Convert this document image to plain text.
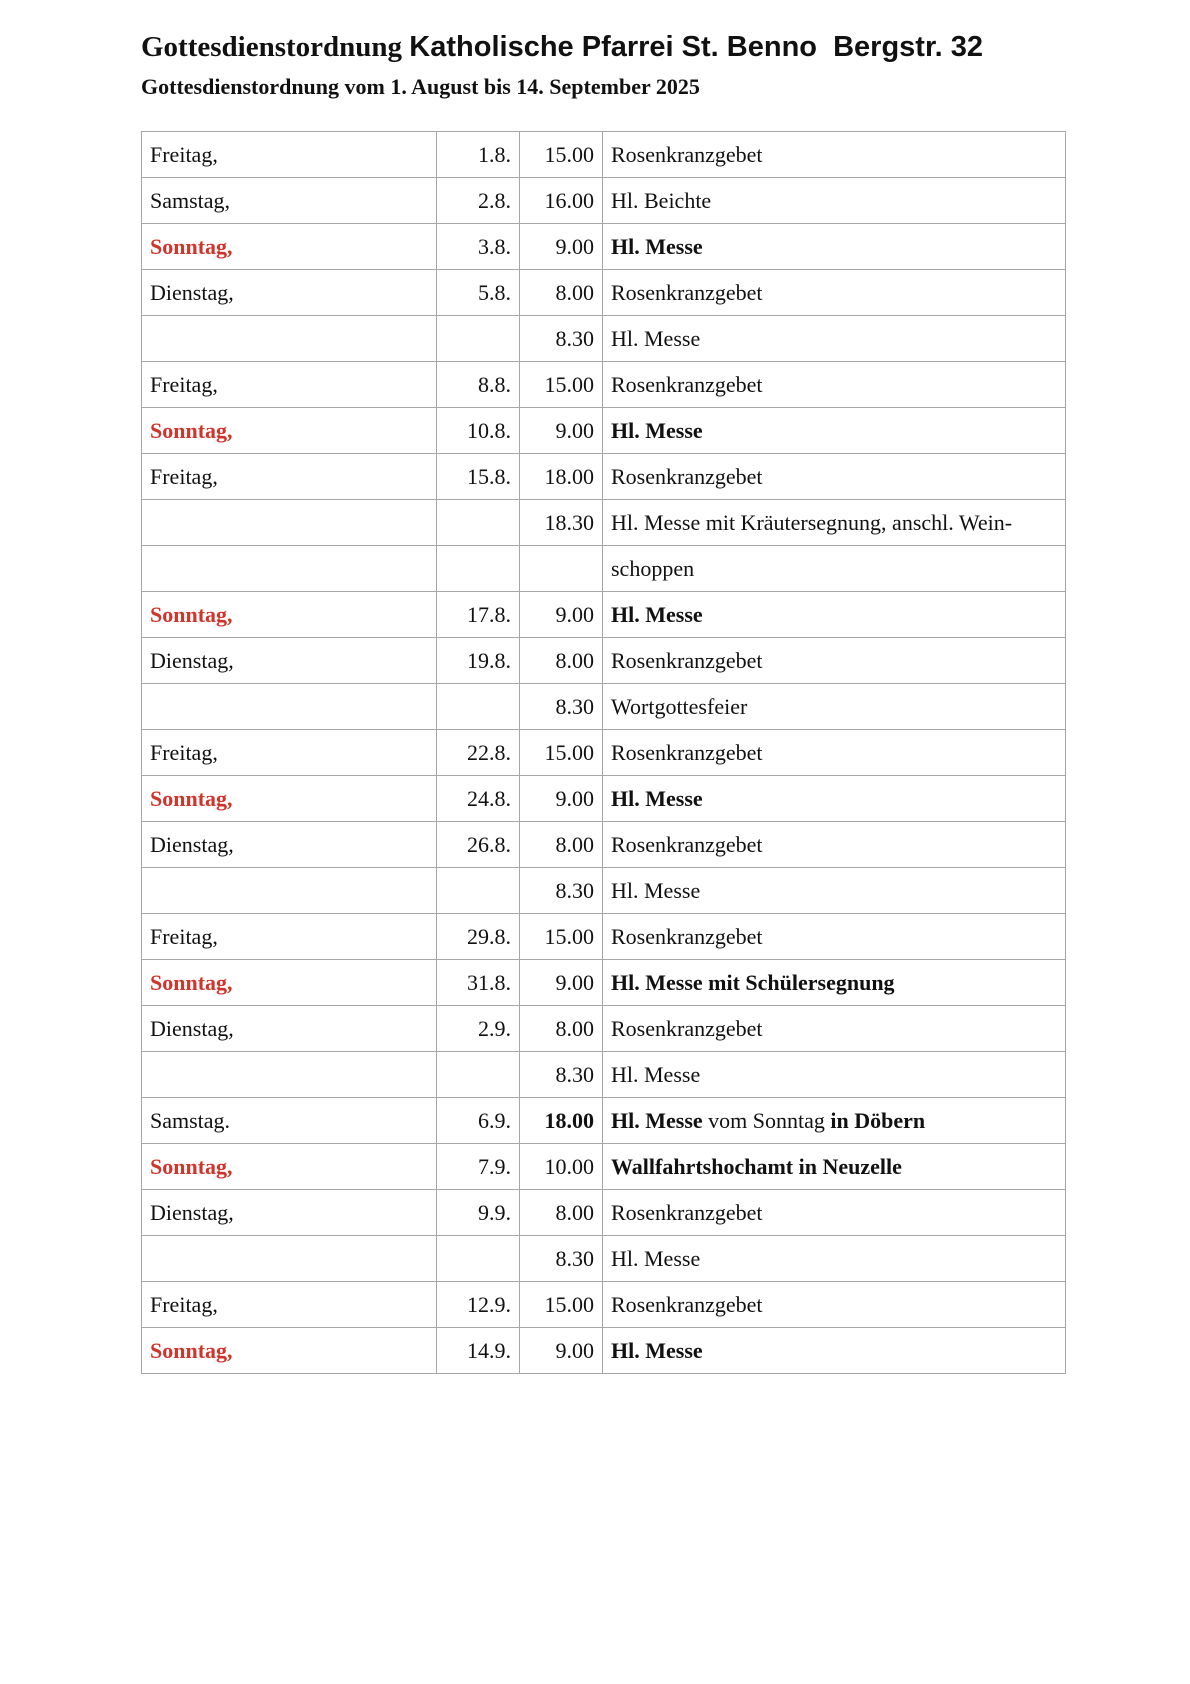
Gottesdienstordnung Katholische Pfarrei St. Benno  Bergstr. 32
Gottesdienstordnung vom 1. August bis 14. September 2025
Freitag,	1.8.	15.00	Rosenkranzgebet
Samstag,	2.8.	16.00	Hl. Beichte
Sonntag,	3.8.	9.00	Hl. Messe
Dienstag,	5.8.	8.00	Rosenkranzgebet
		8.30	Hl. Messe
Freitag,	8.8.	15.00	Rosenkranzgebet
Sonntag,	10.8.	9.00	Hl. Messe
Freitag,	15.8.	18.00	Rosenkranzgebet
		18.30	Hl. Messe mit Kräutersegnung, anschl. Wein-
			schoppen
Sonntag,	17.8.	9.00	Hl. Messe
Dienstag,	19.8.	8.00	Rosenkranzgebet
		8.30	Wortgottesfeier
Freitag,	22.8.	15.00	Rosenkranzgebet
Sonntag,	24.8.	9.00	Hl. Messe
Dienstag,	26.8.	8.00	Rosenkranzgebet
		8.30	Hl. Messe
Freitag,	29.8.	15.00	Rosenkranzgebet
Sonntag,	31.8.	9.00	Hl. Messe mit Schülersegnung
Dienstag,	2.9.	8.00	Rosenkranzgebet
		8.30	Hl. Messe
Samstag.	6.9.	18.00	Hl. Messe vom Sonntag in Döbern
Sonntag,	7.9.	10.00	Wallfahrtshochamt in Neuzelle
Dienstag,	9.9.	8.00	Rosenkranzgebet
		8.30	Hl. Messe
Freitag,	12.9.	15.00	Rosenkranzgebet
Sonntag,	14.9.	9.00	Hl. Messe
